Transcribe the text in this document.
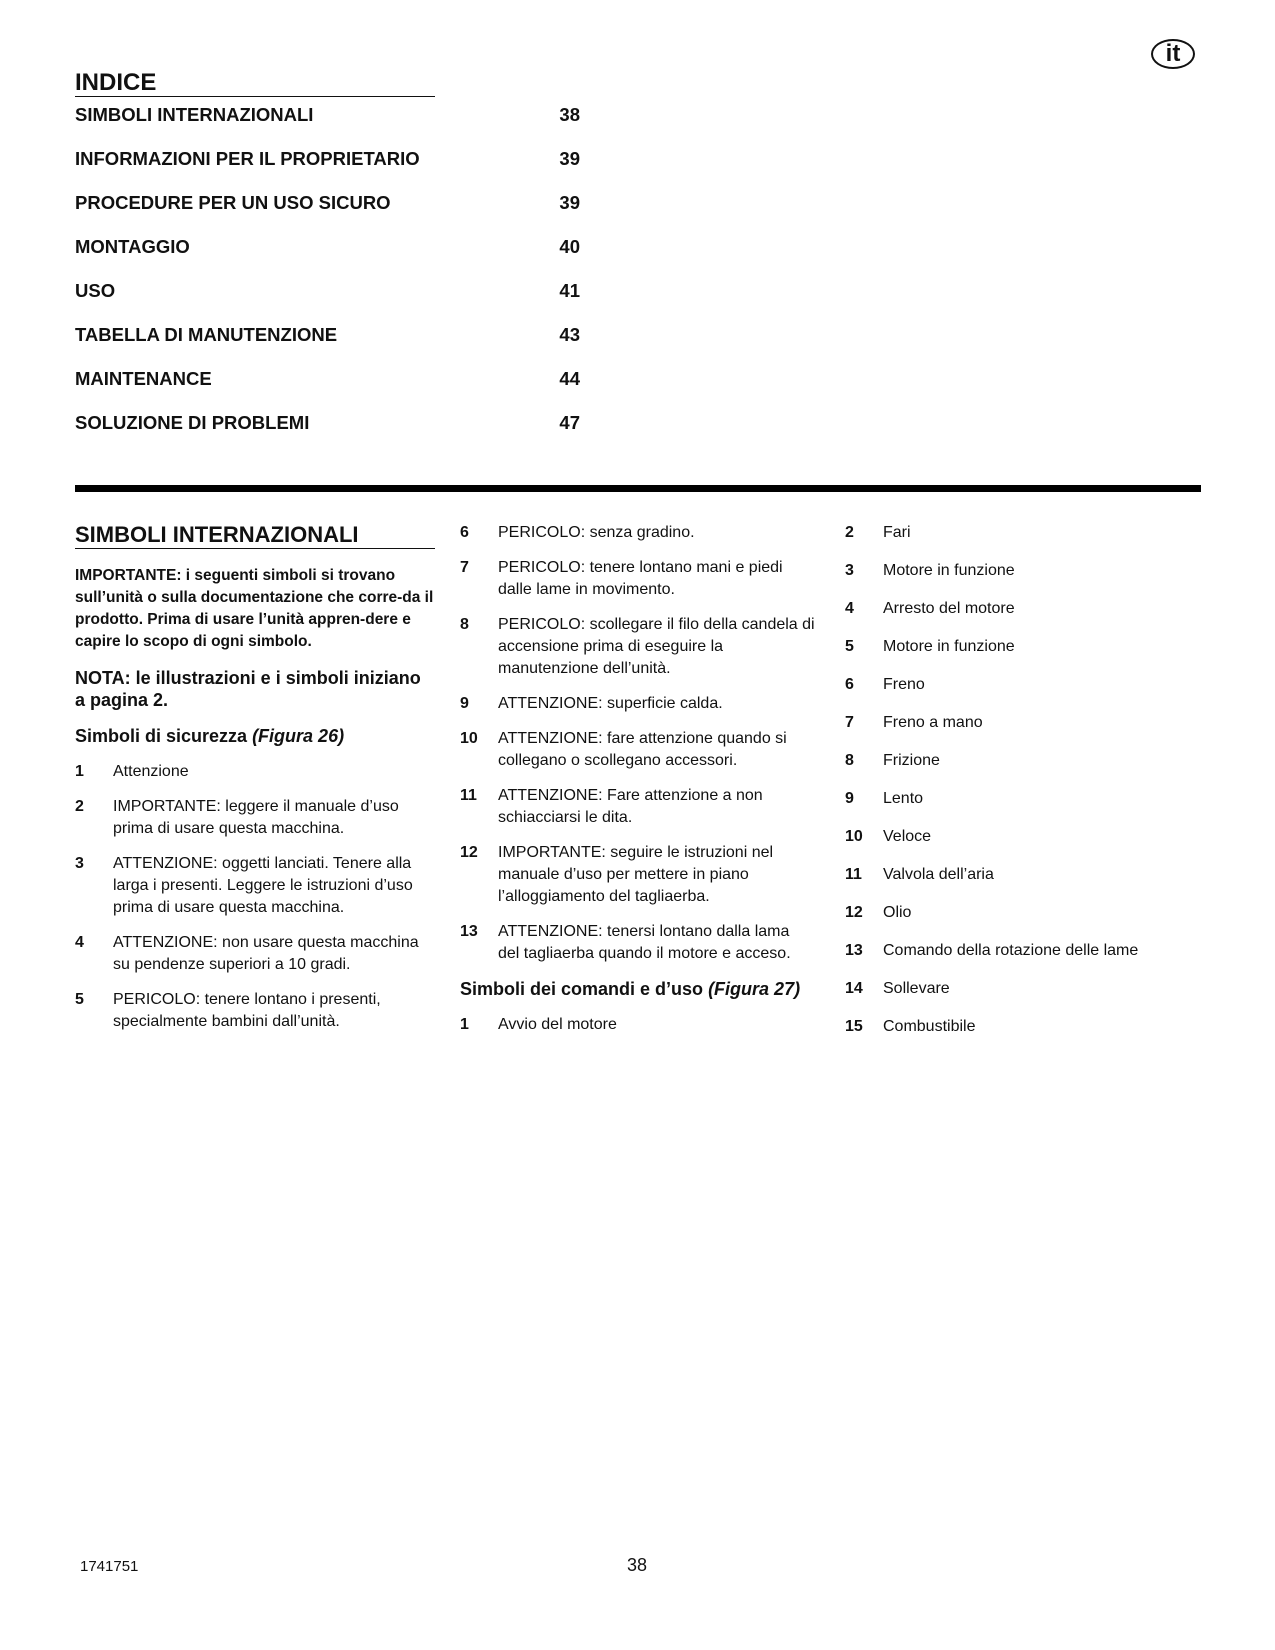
it
INDICE
SIMBOLI INTERNAZIONALI	38
INFORMAZIONI PER IL PROPRIETARIO	39
PROCEDURE PER UN USO SICURO	39
MONTAGGIO	40
USO	41
TABELLA DI MANUTENZIONE	43
MAINTENANCE	44
SOLUZIONE DI PROBLEMI	47
SIMBOLI INTERNAZIONALI
IMPORTANTE: i seguenti simboli si trovano sull’unità o sulla documentazione che corre-da il prodotto. Prima di usare l’unità appren-dere e capire lo scopo di ogni simbolo.
NOTA: le illustrazioni e i simboli iniziano a pagina 2.
Simboli di sicurezza (Figura 26)
1	Attenzione
2	IMPORTANTE: leggere il manuale d’uso prima di usare questa macchina.
3	ATTENZIONE: oggetti lanciati. Tenere alla larga i presenti. Leggere le istruzioni d’uso prima di usare questa macchina.
4	ATTENZIONE: non usare questa macchina su pendenze superiori a 10 gradi.
5	PERICOLO: tenere lontano i presenti, specialmente bambini dall’unità.
6	PERICOLO: senza gradino.
7	PERICOLO: tenere lontano mani e piedi dalle lame in movimento.
8	PERICOLO: scollegare il filo della candela di accensione prima di eseguire la manutenzione dell’unità.
9	ATTENZIONE: superficie calda.
10	ATTENZIONE: fare attenzione quando si collegano o scollegano accessori.
11	ATTENZIONE: Fare attenzione a non schiacciarsi le dita.
12	IMPORTANTE: seguire le istruzioni nel manuale d’uso per mettere in piano l’alloggiamento del tagliaerba.
13	ATTENZIONE: tenersi lontano dalla lama del tagliaerba quando il motore e acceso.
Simboli dei comandi e d’uso (Figura 27)
1	Avvio del motore
2	Fari
3	Motore in funzione
4	Arresto del motore
5	Motore in funzione
6	Freno
7	Freno a mano
8	Frizione
9	Lento
10	Veloce
11	Valvola dell’aria
12	Olio
13	Comando della rotazione delle lame
14	Sollevare
15	Combustibile
1741751	38
